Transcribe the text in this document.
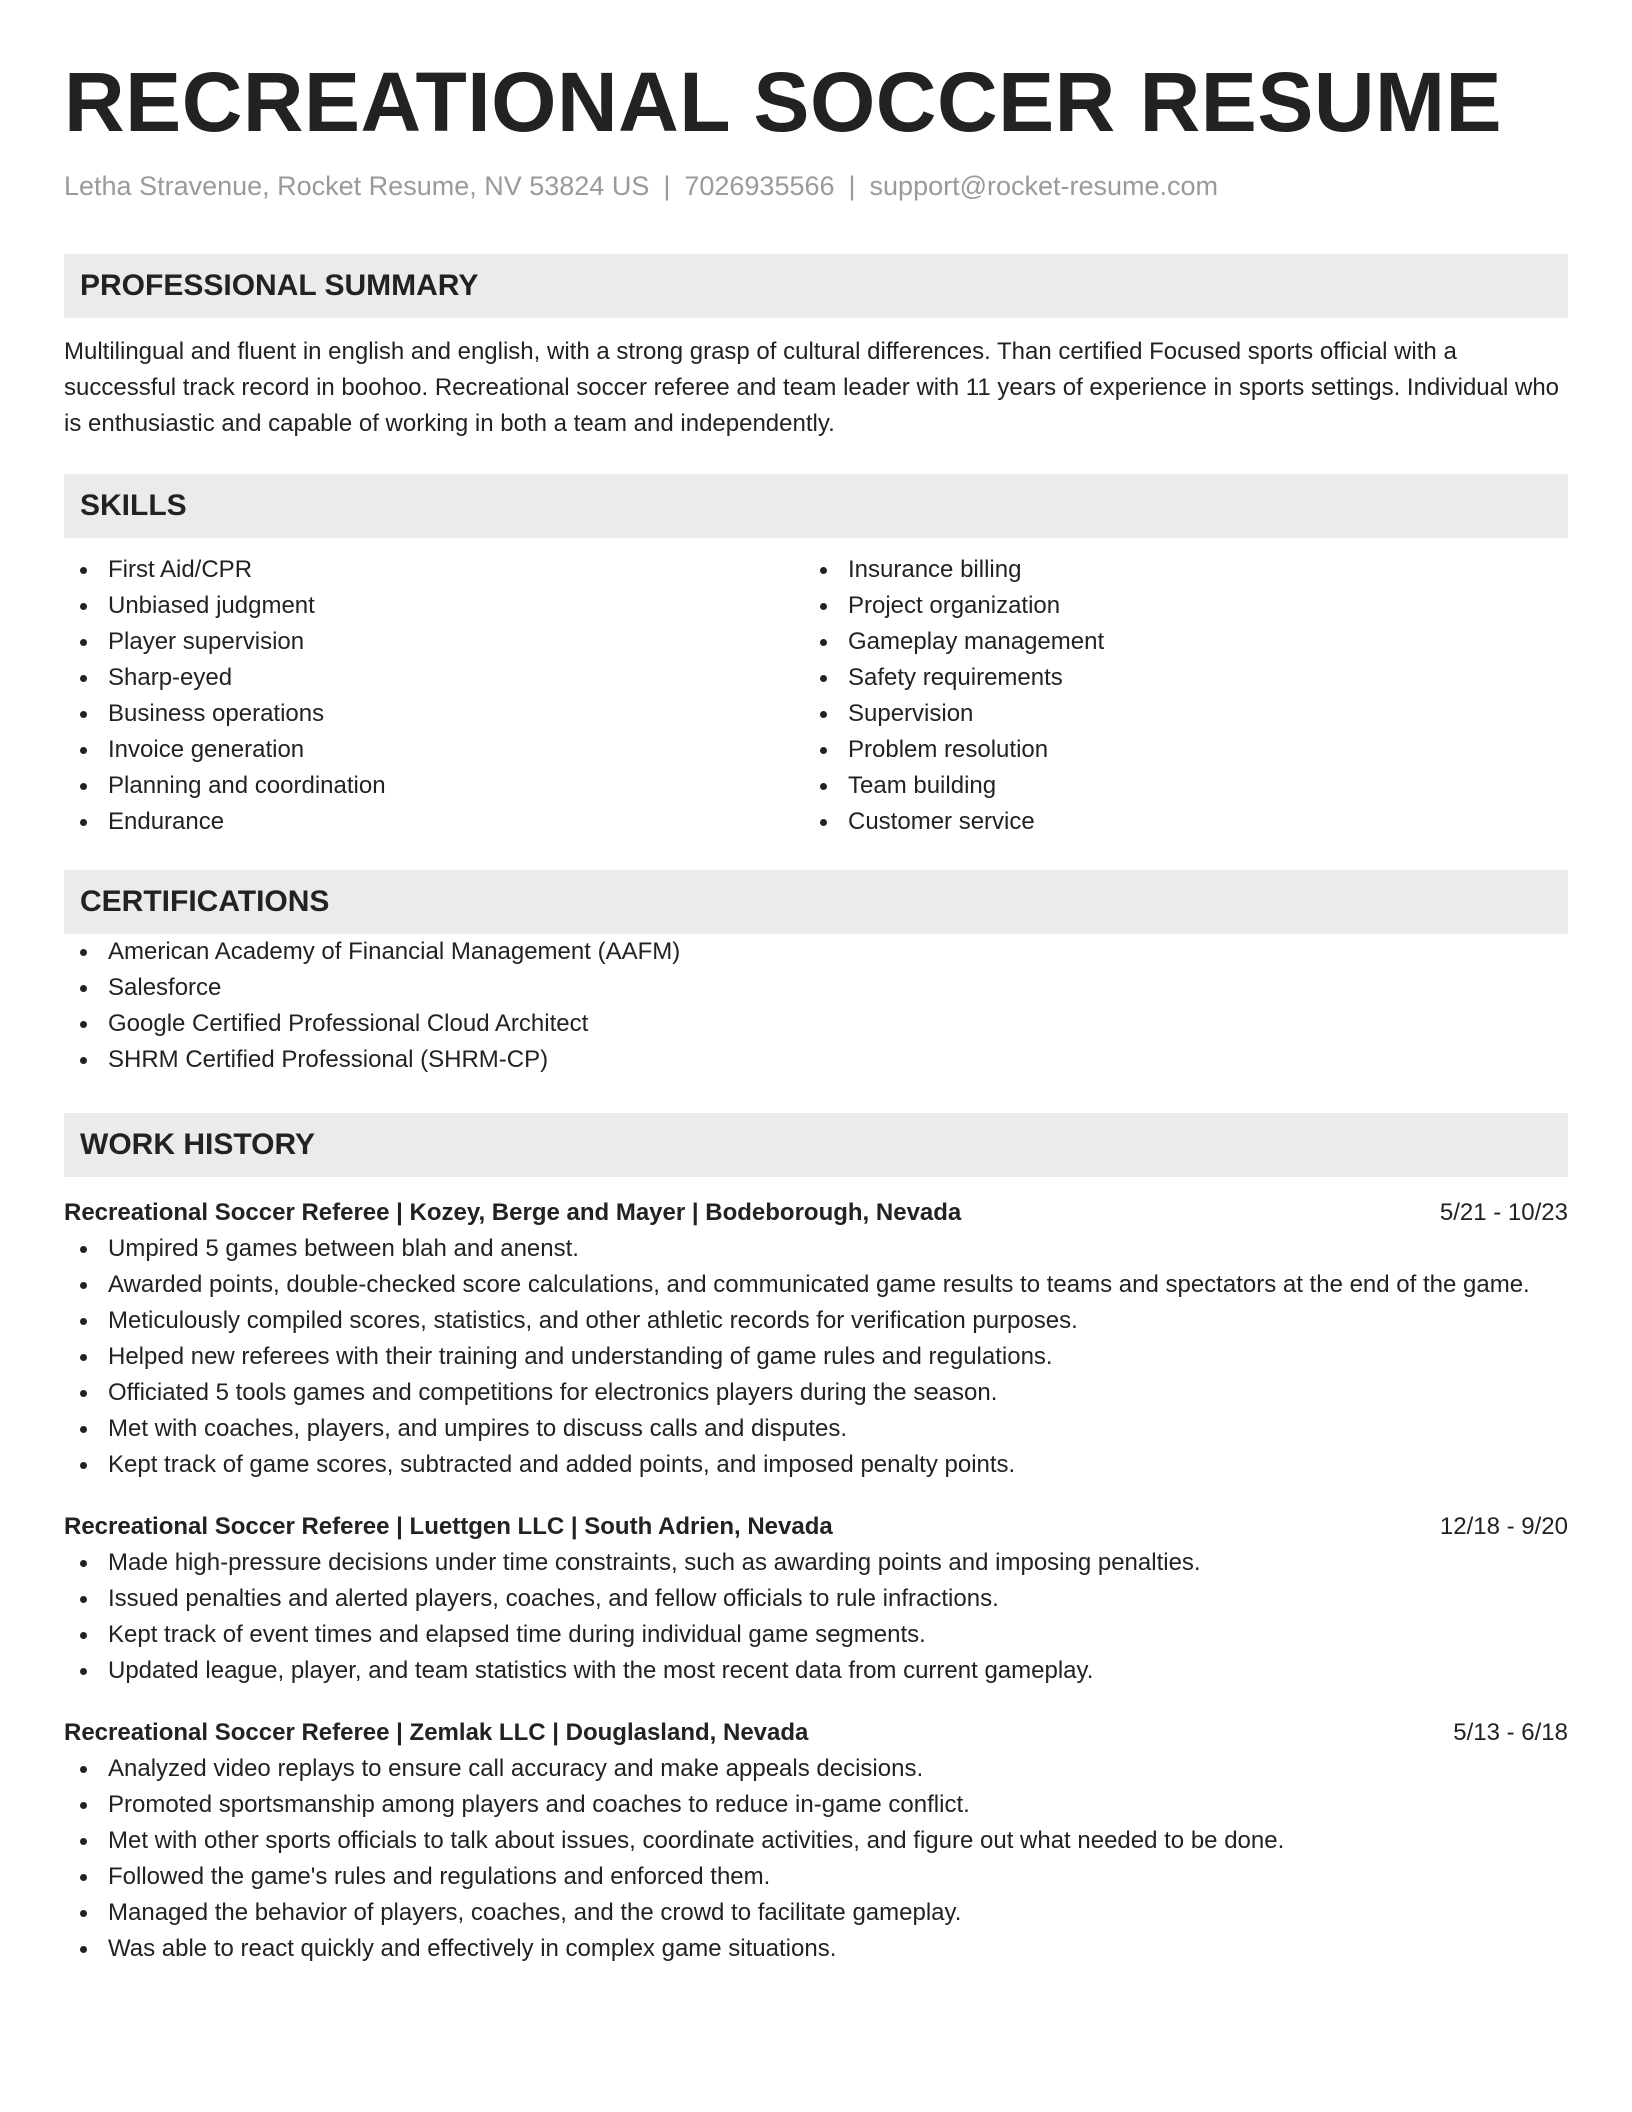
RECREATIONAL SOCCER RESUME
Letha Stravenue, Rocket Resume, NV 53824 US | 7026935566 | support@rocket-resume.com
PROFESSIONAL SUMMARY
Multilingual and fluent in english and english, with a strong grasp of cultural differences. Than certified Focused sports official with a successful track record in boohoo. Recreational soccer referee and team leader with 11 years of experience in sports settings. Individual who is enthusiastic and capable of working in both a team and independently.
SKILLS
First Aid/CPR
Unbiased judgment
Player supervision
Sharp-eyed
Business operations
Invoice generation
Planning and coordination
Endurance
Insurance billing
Project organization
Gameplay management
Safety requirements
Supervision
Problem resolution
Team building
Customer service
CERTIFICATIONS
American Academy of Financial Management (AAFM)
Salesforce
Google Certified Professional Cloud Architect
SHRM Certified Professional (SHRM-CP)
WORK HISTORY
Recreational Soccer Referee | Kozey, Berge and Mayer | Bodeborough, Nevada	5/21 - 10/23
Umpired 5 games between blah and anenst.
Awarded points, double-checked score calculations, and communicated game results to teams and spectators at the end of the game.
Meticulously compiled scores, statistics, and other athletic records for verification purposes.
Helped new referees with their training and understanding of game rules and regulations.
Officiated 5 tools games and competitions for electronics players during the season.
Met with coaches, players, and umpires to discuss calls and disputes.
Kept track of game scores, subtracted and added points, and imposed penalty points.
Recreational Soccer Referee | Luettgen LLC | South Adrien, Nevada	12/18 - 9/20
Made high-pressure decisions under time constraints, such as awarding points and imposing penalties.
Issued penalties and alerted players, coaches, and fellow officials to rule infractions.
Kept track of event times and elapsed time during individual game segments.
Updated league, player, and team statistics with the most recent data from current gameplay.
Recreational Soccer Referee | Zemlak LLC | Douglasland, Nevada	5/13 - 6/18
Analyzed video replays to ensure call accuracy and make appeals decisions.
Promoted sportsmanship among players and coaches to reduce in-game conflict.
Met with other sports officials to talk about issues, coordinate activities, and figure out what needed to be done.
Followed the game's rules and regulations and enforced them.
Managed the behavior of players, coaches, and the crowd to facilitate gameplay.
Was able to react quickly and effectively in complex game situations.
